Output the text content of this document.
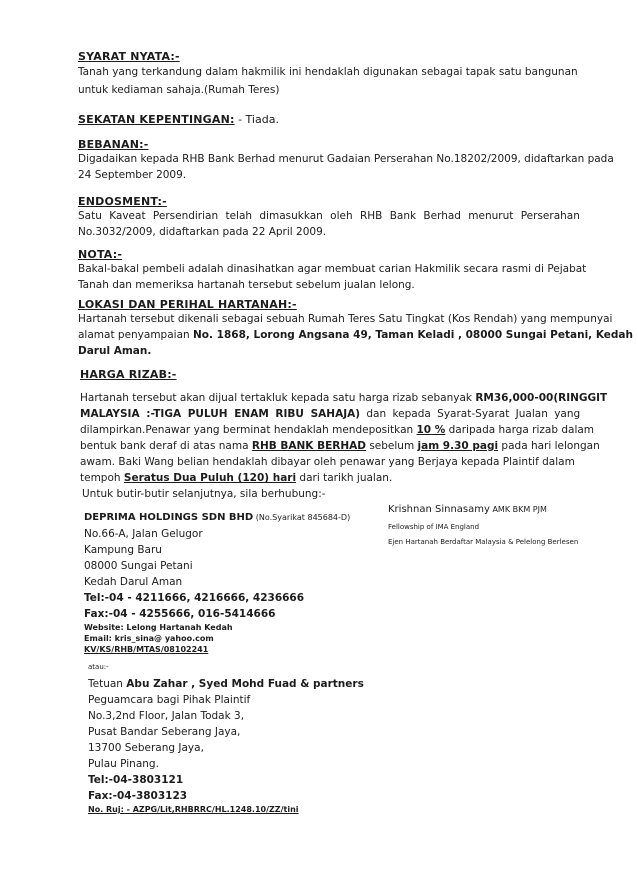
SYARAT NYATA:-

Tanah yang terkandung dalam hakmilik ini hendaklah digunakan sebagai tapak satu bangunan

untuk kediaman sahaja.(Rumah Teres)

SEKATAN KEPENTINGAN: - Tiada.
BEBANAN:-

Digadaikan kepada RHB Bank Berhad menurut Gadaian Perserahan No.18202/2009, didaftarkan pada

24 September 2009.

ENDOSMENT:-

Satu Kaveat Persendirian telah dimasukkan oleh RHB Bank Berhad menurut Perserahan

No.3032/2009, didaftarkan pada 22 April 2009.

NOTA:-

Bakal-bakal pembeli adalah dinasihatkan agar membuat carian Hakmilik secara rasmi di Pejabat

Tanah dan memeriksa hartanah tersebut sebelum jualan lelong.

LOKASI DAN PERIHAL HARTANAH:-

Hartanah tersebut dikenali sebagai sebuah Rumah Teres Satu Tingkat (Kos Rendah) yang mempunyai

alamat penyampaian No. 1868, Lorong Angsana 49, Taman Keladi , 08000 Sungai Petani, Kedah

Darul Aman.

HARGA RIZAB:-

Hartanah tersebut akan dijual tertakluk kepada satu harga rizab sebanyak RM36,000-00(RINGGIT

MALAYSIA :-TIGA PULUH ENAM RIBU SAHAJA) dan kepada Syarat-Syarat Jualan yang

dilampirkan.Penawar yang berminat hendaklah mendepositkan 10 % daripada harga rizab dalam

bentuk bank deraf di atas nama RHB BANK BERHAD sebelum jam 9.30 pagi pada hari lelongan

awam. Baki Wang belian hendaklah dibayar oleh penawar yang Berjaya kepada Plaintif dalam

tempoh Seratus Dua Puluh (120) hari dari tarikh jualan.

Untuk butir-butir selanjutnya, sila berhubung:-

DEPRIMA HOLDINGS SDN BHD (No.Syarikat 845684-D)

No.66-A, Jalan Gelugor

Kampung Baru

08000 Sungai Petani

Kedah Darul Aman

Tel:-04 - 4211666, 4216666, 4236666

Fax:-04 - 4255666, 016-5414666

Website: Lelong Hartanah Kedah

Email: kris_sina@ yahoo.com

KV/KS/RHB/MTAS/08102241

Krishnan Sinnasamy AMK BKM PJM

Fellowship of IMA England

Ejen Hartanah Berdaftar Malaysia & Pelelong Berlesen

atau:-

Tetuan Abu Zahar , Syed Mohd Fuad & partners

Peguamcara bagi Pihak Plaintif

No.3,2nd Floor, Jalan Todak 3,

Pusat Bandar Seberang Jaya,

13700 Seberang Jaya,

Pulau Pinang.

Tel:-04-3803121

Fax:-04-3803123

No. Ruj: - AZPG/Lit,RHBRRC/HL.1248.10/ZZ/tini
